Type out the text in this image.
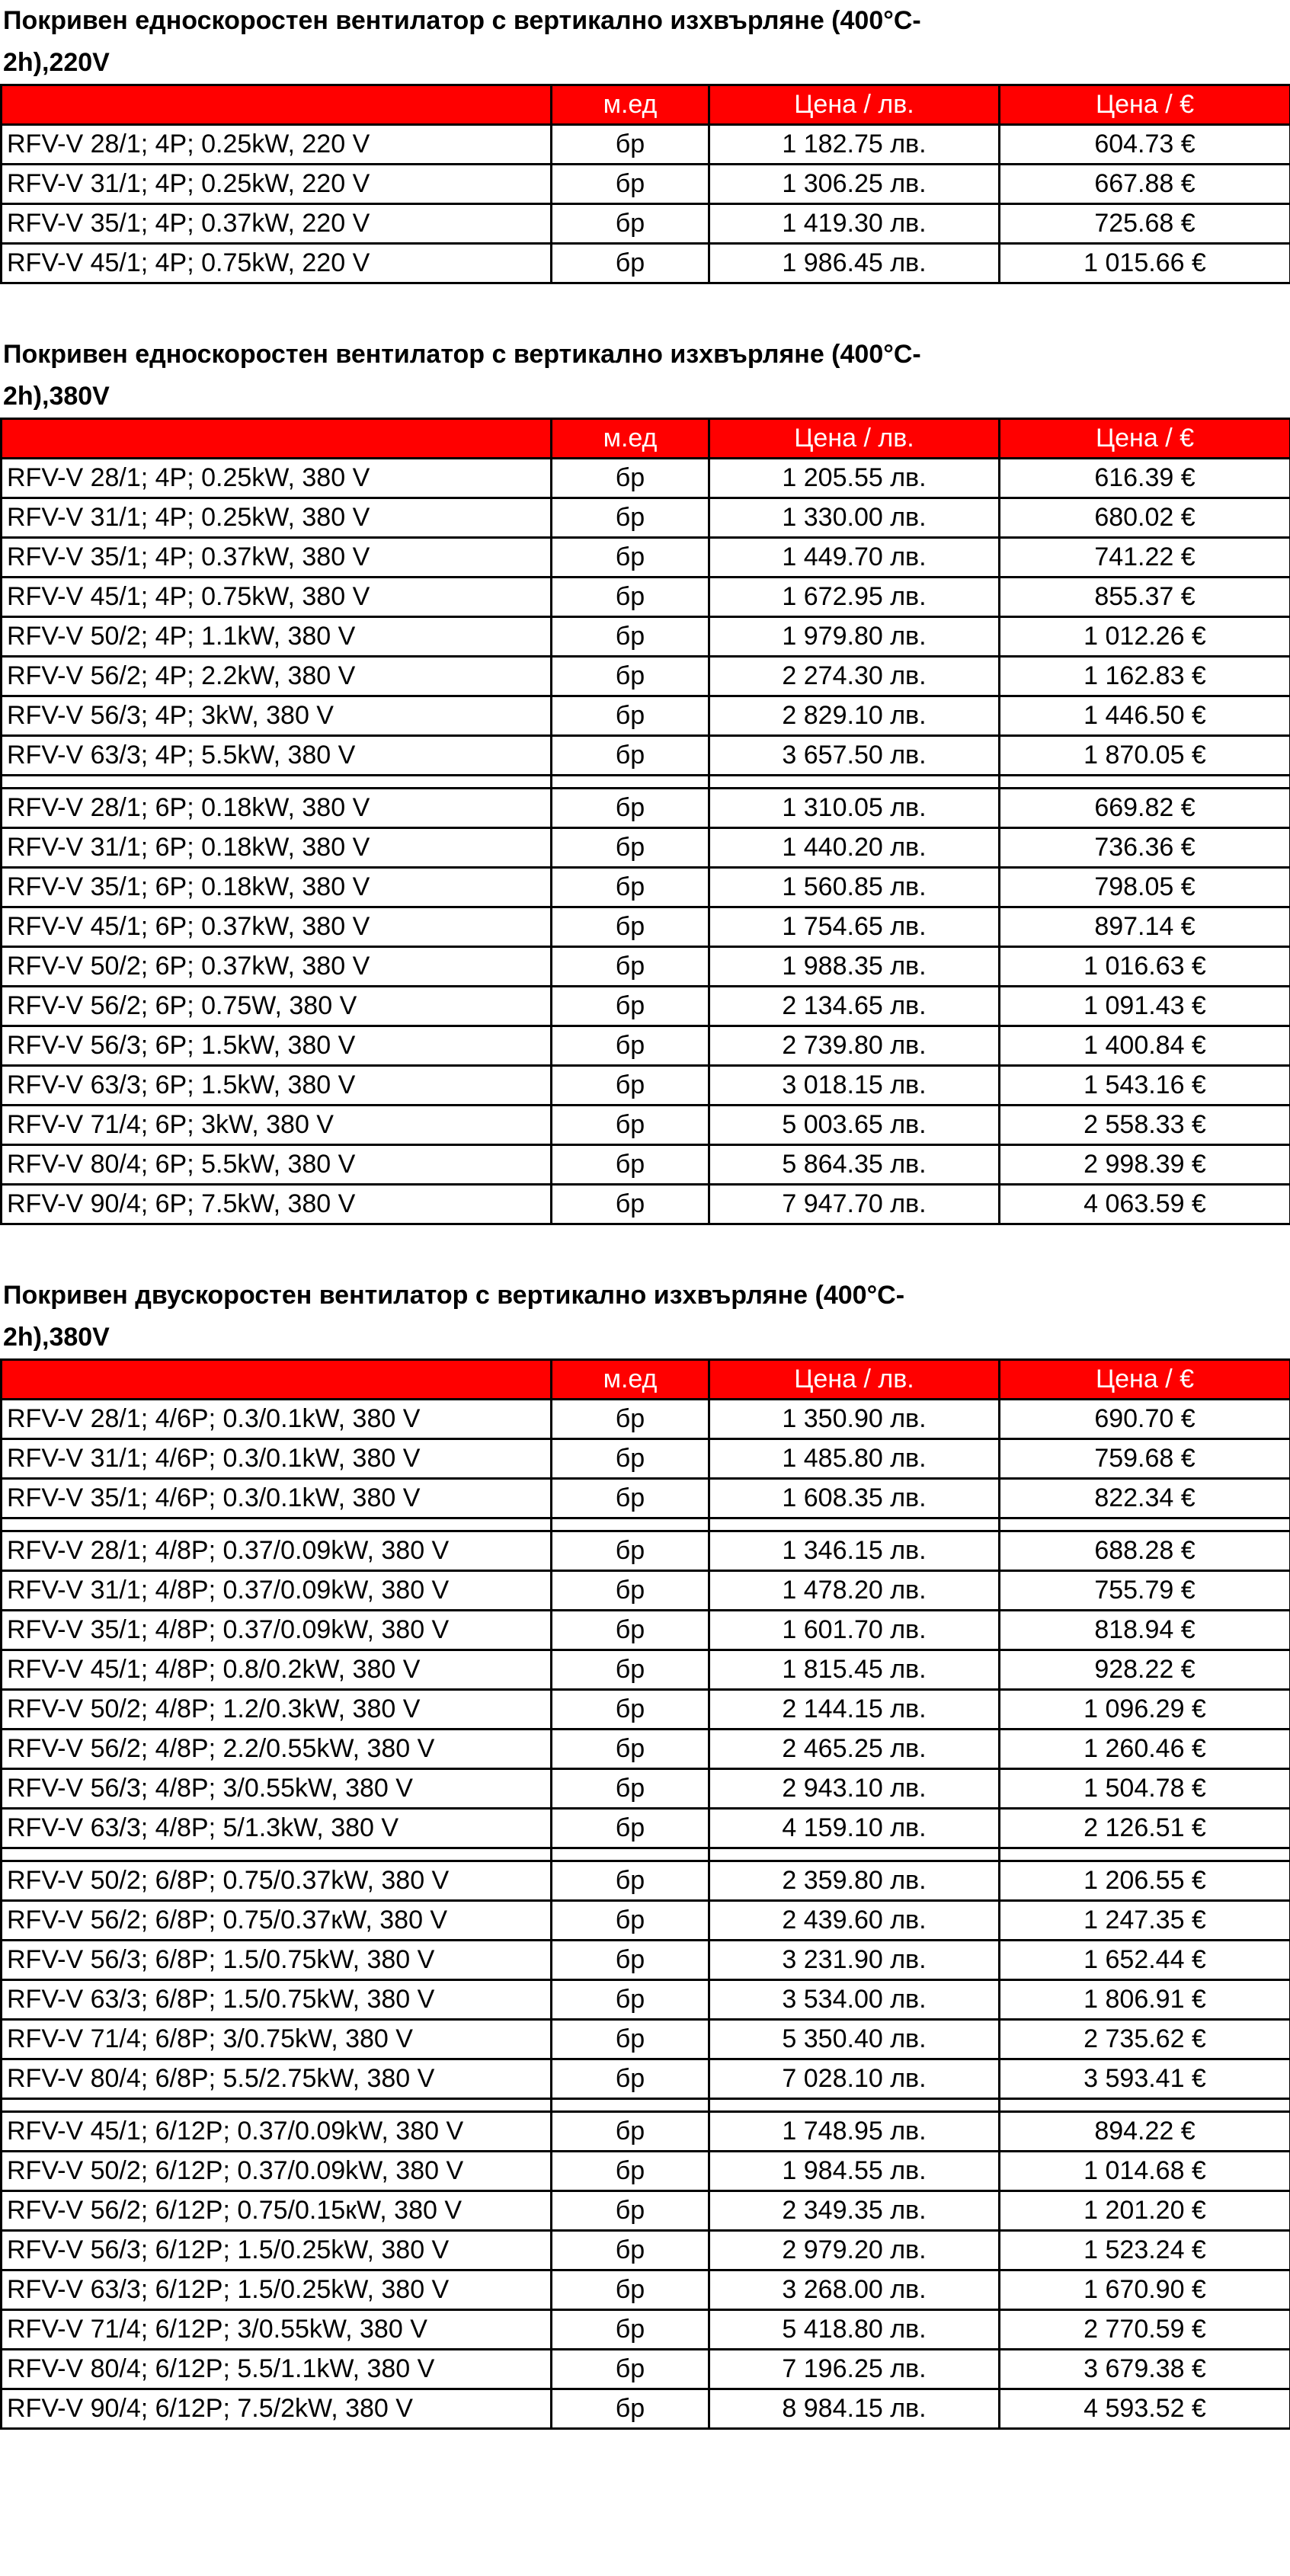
Покривен едноскоростен вентилатор с вертикално изхвърляне (400°C-
2h),220V
	м.ед	Цена / лв.	Цена / €
RFV-V 28/1; 4P; 0.25kW, 220 V	бр	1 182.75 лв.	604.73 €
RFV-V 31/1; 4P; 0.25kW, 220 V	бр	1 306.25 лв.	667.88 €
RFV-V 35/1; 4P; 0.37kW, 220 V	бр	1 419.30 лв.	725.68 €
RFV-V 45/1; 4P; 0.75kW, 220 V	бр	1 986.45 лв.	1 015.66 €
Покривен едноскоростен вентилатор с вертикално изхвърляне (400°C-
2h),380V
	м.ед	Цена / лв.	Цена / €
RFV-V 28/1; 4P; 0.25kW, 380 V	бр	1 205.55 лв.	616.39 €
RFV-V 31/1; 4P; 0.25kW, 380 V	бр	1 330.00 лв.	680.02 €
RFV-V 35/1; 4P; 0.37kW, 380 V	бр	1 449.70 лв.	741.22 €
RFV-V 45/1; 4P; 0.75kW, 380 V	бр	1 672.95 лв.	855.37 €
RFV-V 50/2; 4P; 1.1kW, 380 V	бр	1 979.80 лв.	1 012.26 €
RFV-V 56/2; 4P; 2.2kW, 380 V	бр	2 274.30 лв.	1 162.83 €
RFV-V 56/3; 4P; 3kW, 380 V	бр	2 829.10 лв.	1 446.50 €
RFV-V 63/3; 4P; 5.5kW, 380 V	бр	3 657.50 лв.	1 870.05 €

RFV-V 28/1; 6P; 0.18kW, 380 V	бр	1 310.05 лв.	669.82 €
RFV-V 31/1; 6P; 0.18kW, 380 V	бр	1 440.20 лв.	736.36 €
RFV-V 35/1; 6P; 0.18kW, 380 V	бр	1 560.85 лв.	798.05 €
RFV-V 45/1; 6P; 0.37kW, 380 V	бр	1 754.65 лв.	897.14 €
RFV-V 50/2; 6P; 0.37kW, 380 V	бр	1 988.35 лв.	1 016.63 €
RFV-V 56/2; 6P; 0.75W, 380 V	бр	2 134.65 лв.	1 091.43 €
RFV-V 56/3; 6P; 1.5kW, 380 V	бр	2 739.80 лв.	1 400.84 €
RFV-V 63/3; 6P; 1.5kW, 380 V	бр	3 018.15 лв.	1 543.16 €
RFV-V 71/4; 6P; 3kW, 380 V	бр	5 003.65 лв.	2 558.33 €
RFV-V 80/4; 6P; 5.5kW, 380 V	бр	5 864.35 лв.	2 998.39 €
RFV-V 90/4; 6P; 7.5kW, 380 V	бр	7 947.70 лв.	4 063.59 €
Покривен двускоростен вентилатор с вертикално изхвърляне (400°C-
2h),380V
	м.ед	Цена / лв.	Цена / €
RFV-V 28/1; 4/6P; 0.3/0.1kW, 380 V	бр	1 350.90 лв.	690.70 €
RFV-V 31/1; 4/6P; 0.3/0.1kW, 380 V	бр	1 485.80 лв.	759.68 €
RFV-V 35/1; 4/6P; 0.3/0.1kW, 380 V	бр	1 608.35 лв.	822.34 €

RFV-V 28/1; 4/8P; 0.37/0.09kW, 380 V	бр	1 346.15 лв.	688.28 €
RFV-V 31/1; 4/8P; 0.37/0.09kW, 380 V	бр	1 478.20 лв.	755.79 €
RFV-V 35/1; 4/8P; 0.37/0.09kW, 380 V	бр	1 601.70 лв.	818.94 €
RFV-V 45/1; 4/8P; 0.8/0.2kW, 380 V	бр	1 815.45 лв.	928.22 €
RFV-V 50/2; 4/8P; 1.2/0.3kW, 380 V	бр	2 144.15 лв.	1 096.29 €
RFV-V 56/2; 4/8P; 2.2/0.55kW, 380 V	бр	2 465.25 лв.	1 260.46 €
RFV-V 56/3; 4/8P; 3/0.55kW, 380 V	бр	2 943.10 лв.	1 504.78 €
RFV-V 63/3; 4/8P; 5/1.3kW, 380 V	бр	4 159.10 лв.	2 126.51 €

RFV-V 50/2; 6/8P; 0.75/0.37kW, 380 V	бр	2 359.80 лв.	1 206.55 €
RFV-V 56/2; 6/8P; 0.75/0.37кW, 380 V	бр	2 439.60 лв.	1 247.35 €
RFV-V 56/3; 6/8P; 1.5/0.75kW, 380 V	бр	3 231.90 лв.	1 652.44 €
RFV-V 63/3; 6/8P; 1.5/0.75kW, 380 V	бр	3 534.00 лв.	1 806.91 €
RFV-V 71/4; 6/8P; 3/0.75kW, 380 V	бр	5 350.40 лв.	2 735.62 €
RFV-V 80/4; 6/8P; 5.5/2.75kW, 380 V	бр	7 028.10 лв.	3 593.41 €

RFV-V 45/1; 6/12P; 0.37/0.09kW, 380 V	бр	1 748.95 лв.	894.22 €
RFV-V 50/2; 6/12P; 0.37/0.09kW, 380 V	бр	1 984.55 лв.	1 014.68 €
RFV-V 56/2; 6/12P; 0.75/0.15кW, 380 V	бр	2 349.35 лв.	1 201.20 €
RFV-V 56/3; 6/12P; 1.5/0.25kW, 380 V	бр	2 979.20 лв.	1 523.24 €
RFV-V 63/3; 6/12P; 1.5/0.25kW, 380 V	бр	3 268.00 лв.	1 670.90 €
RFV-V 71/4; 6/12P; 3/0.55kW, 380 V	бр	5 418.80 лв.	2 770.59 €
RFV-V 80/4; 6/12P; 5.5/1.1kW, 380 V	бр	7 196.25 лв.	3 679.38 €
RFV-V 90/4; 6/12P; 7.5/2kW, 380 V	бр	8 984.15 лв.	4 593.52 €
